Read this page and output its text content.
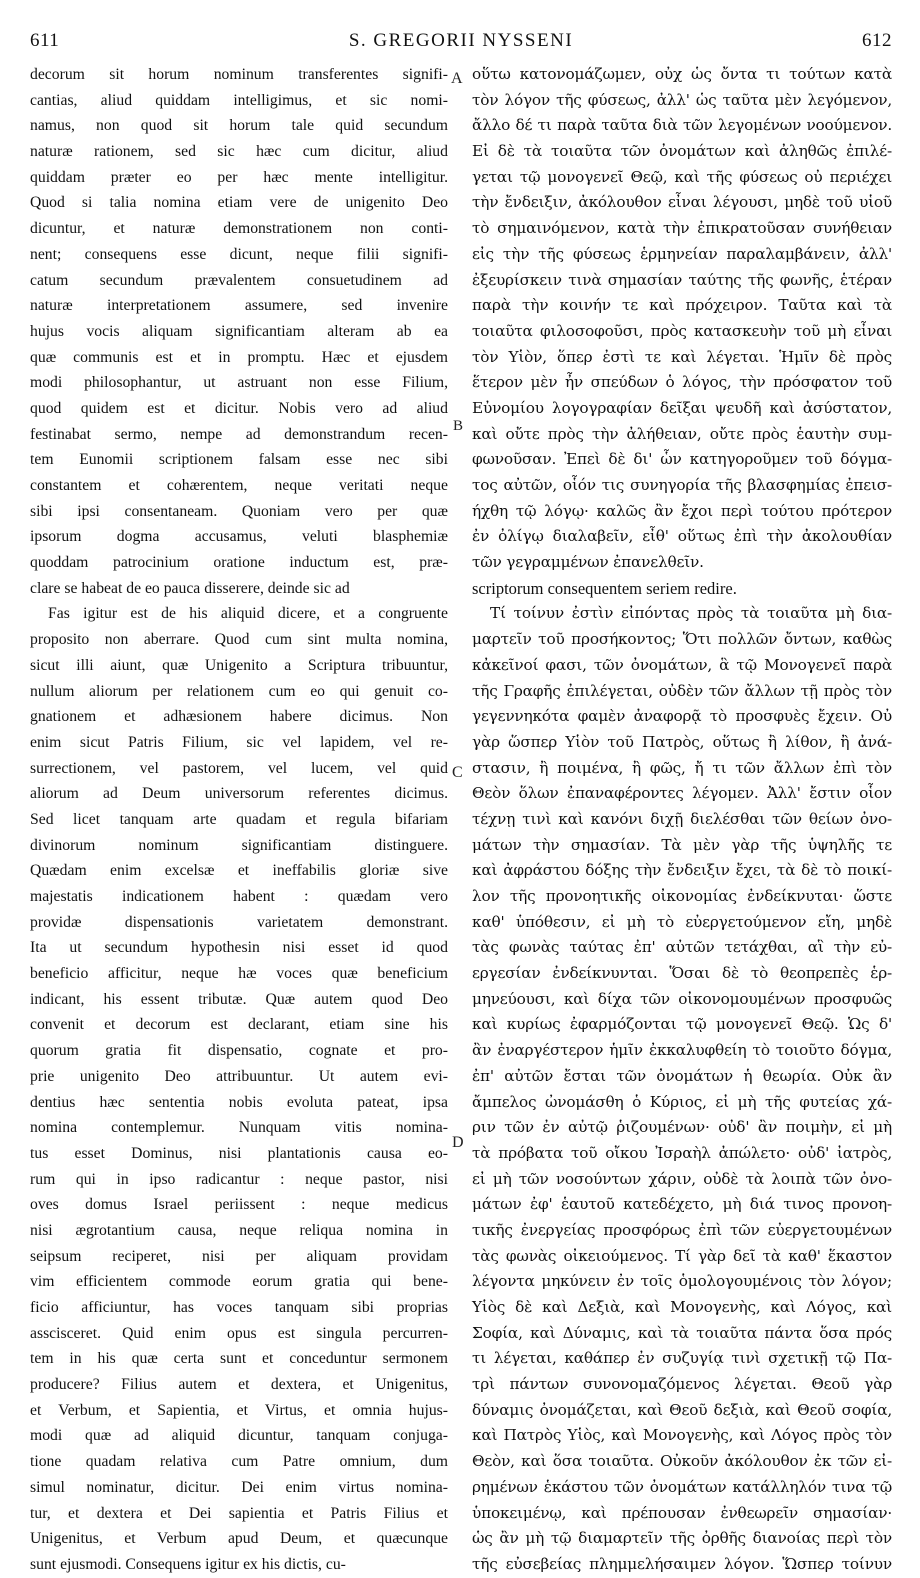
611	S. GREGORII NYSSENI	612
decorum sit horum nominum transferentes signifi-
cantias, aliud quiddam intelligimus, et sic nomi-
namus, non quod sit horum tale quid secundum
naturæ rationem, sed sic hæc cum dicitur, aliud
quiddam præter eo per hæc mente intelligitur.
Quod si talia nomina etiam vere de unigenito Deo
dicuntur, et naturæ demonstrationem non conti-
nent; consequens esse dicunt, neque filii signifi-
catum secundum prævalentem consuetudinem ad
naturæ interpretationem assumere, sed invenire
hujus vocis aliquam significantiam alteram ab ea
quæ communis est et in promptu. Hæc et ejusdem
modi philosophantur, ut astruant non esse Filium,
quod quidem est et dicitur. Nobis vero ad aliud
festinabat sermo, nempe ad demonstrandum recen-
tem Eunomii scriptionem falsam esse nec sibi
constantem et cohærentem, neque veritati neque
sibi ipsi consentaneam. Quoniam vero per quæ
ipsorum dogma accusamus, veluti blasphemiæ
quoddam patrocinium oratione inductum est, præ-
clare se habeat de eo pauca disserere, deinde sic ad
Fas igitur est de his aliquid dicere, et a congruente
proposito non aberrare. Quod cum sint multa nomina,
sicut illi aiunt, quæ Unigenito a Scriptura tribuuntur,
nullum aliorum per relationem cum eo qui genuit co-
gnationem et adhæsionem habere dicimus. Non
enim sicut Patris Filium, sic vel lapidem, vel re-
surrectionem, vel pastorem, vel lucem, vel quid
aliorum ad Deum universorum referentes dicimus.
Sed licet tanquam arte quadam et regula bifariam
divinorum nominum significantiam distinguere.
Quædam enim excelsæ et ineffabilis gloriæ sive
majestatis indicationem habent : quædam vero
providæ dispensationis varietatem demonstrant.
Ita ut secundum hypothesin nisi esset id quod
beneficio afficitur, neque hæ voces quæ beneficium
indicant, his essent tributæ. Quæ autem quod Deo
convenit et decorum est declarant, etiam sine his
quorum gratia fit dispensatio, cognate et pro-
prie unigenito Deo attribuuntur. Ut autem evi-
dentius hæc sententia nobis evoluta pateat, ipsa
nomina contemplemur. Nunquam vitis nomina-
tus esset Dominus, nisi plantationis causa eo-
rum qui in ipso radicantur : neque pastor, nisi
oves domus Israel periissent : neque medicus
nisi ægrotantium causa, neque reliqua nomina in
seipsum reciperet, nisi per aliquam providam
vim efficientem commode eorum gratia qui bene-
ficio afficiuntur, has voces tanquam sibi proprias
asscisceret. Quid enim opus est singula percurren-
tem in his quæ certa sunt et conceduntur sermonem
producere? Filius autem et dextera, et Unigenitus,
et Verbum, et Sapientia, et Virtus, et omnia hujus-
modi quæ ad aliquid dicuntur, tanquam conjuga-
tione quadam relativa cum Patre omnium, dum
simul nominatur, dicitur. Dei enim virtus nomina-
tur, et dextera et Dei sapientia et Patris Filius et
Unigenitus, et Verbum apud Deum, et quæcunque
sunt ejusmodi. Consequens igitur ex his dictis, cu-
οὕτω κατονομάζωμεν, οὐχ ὡς ὄντα τι τούτων κατὰ
τὸν λόγον τῆς φύσεως, ἀλλ' ὡς ταῦτα μὲν λεγόμενον,
ἄλλο δέ τι παρὰ ταῦτα διὰ τῶν λεγομένων νοούμενον.
Εἰ δὲ τὰ τοιαῦτα τῶν ὀνομάτων καὶ ἀληθῶς ἐπιλέ-
γεται τῷ μονογενεῖ Θεῷ, καὶ τῆς φύσεως οὐ περιέχει
τὴν ἔνδειξιν, ἀκόλουθον εἶναι λέγουσι, μηδὲ τοῦ υἱοῦ
τὸ σημαινόμενον, κατὰ τὴν ἐπικρατοῦσαν συνήθειαν
εἰς τὴν τῆς φύσεως ἑρμηνείαν παραλαμβάνειν, ἀλλ'
ἐξευρίσκειν τινὰ σημασίαν ταύτης τῆς φωνῆς, ἑτέραν
παρὰ τὴν κοινήν τε καὶ πρόχειρον. Ταῦτα καὶ τὰ
τοιαῦτα φιλοσοφοῦσι, πρὸς κατασκευὴν τοῦ μὴ εἶναι
τὸν Υἱὸν, ὅπερ ἐστὶ τε καὶ λέγεται. Ἡμῖν δὲ πρὸς
ἕτερον μὲν ἦν σπεύδων ὁ λόγος, τὴν πρόσφατον τοῦ
Εὐνομίου λογογραφίαν δεῖξαι ψευδῆ καὶ ἀσύστατον,
καὶ οὔτε πρὸς τὴν ἀλήθειαν, οὔτε πρὸς ἑαυτὴν συμ-
φωνοῦσαν. Ἐπεὶ δὲ δι' ὧν κατηγοροῦμεν τοῦ δόγμα-
τος αὐτῶν, οἷόν τις συνηγορία τῆς βλασφημίας ἐπεισ-
ήχθη τῷ λόγῳ· καλῶς ἂν ἔχοι περὶ τούτου πρότερον
ἐν ὀλίγῳ διαλαβεῖν, εἶθ' οὕτως ἐπὶ τὴν ἀκολουθίαν
τῶν γεγραμμένων ἐπανελθεῖν.
scriptorum consequentem seriem redire.
Τί τοίνυν ἐστὶν εἰπόντας πρὸς τὰ τοιαῦτα μὴ δια-
μαρτεῖν τοῦ προσήκοντος; Ὅτι πολλῶν ὄντων, καθὼς
κἀκεῖνοί φασι, τῶν ὀνομάτων, ἃ τῷ Μονογενεῖ παρὰ
τῆς Γραφῆς ἐπιλέγεται, οὐδὲν τῶν ἄλλων τῇ πρὸς τὸν
γεγεννηκότα φαμὲν ἀναφορᾷ τὸ προσφυὲς ἔχειν. Οὐ
γὰρ ὥσπερ Υἱὸν τοῦ Πατρὸς, οὕτως ἢ λίθον, ἢ ἀνά-
στασιν, ἢ ποιμένα, ἢ φῶς, ἤ τι τῶν ἄλλων ἐπὶ τὸν
Θεὸν ὅλων ἐπαναφέροντες λέγομεν. Ἀλλ' ἔστιν οἷον
τέχνῃ τινὶ καὶ κανόνι διχῇ διελέσθαι τῶν θείων ὀνο-
μάτων τὴν σημασίαν. Τὰ μὲν γὰρ τῆς ὑψηλῆς τε
καὶ ἀφράστου δόξης τὴν ἔνδειξιν ἔχει, τὰ δὲ τὸ ποικί-
λον τῆς προνοητικῆς οἰκονομίας ἐνδείκνυται· ὥστε
καθ' ὑπόθεσιν, εἰ μὴ τὸ εὐεργετούμενον εἴη, μηδὲ
τὰς φωνὰς ταύτας ἐπ' αὐτῶν τετάχθαι, αἳ τὴν εὐ-
εργεσίαν ἐνδείκνυνται. Ὅσαι δὲ τὸ θεοπρεπὲς ἑρ-
μηνεύουσι, καὶ δίχα τῶν οἰκονομουμένων προσφυῶς
καὶ κυρίως ἐφαρμόζονται τῷ μονογενεῖ Θεῷ. Ὡς δ'
ἂν ἐναργέστερον ἡμῖν ἐκκαλυφθείη τὸ τοιοῦτο δόγμα,
ἐπ' αὐτῶν ἔσται τῶν ὀνομάτων ἡ θεωρία. Οὐκ ἂν
ἄμπελος ὠνομάσθη ὁ Κύριος, εἰ μὴ τῆς φυτείας χά-
ριν τῶν ἐν αὐτῷ ῥιζουμένων· οὐδ' ἂν ποιμὴν, εἰ μὴ
τὰ πρόβατα τοῦ οἴκου Ἰσραὴλ ἀπώλετο· οὐδ' ἰατρὸς,
εἰ μὴ τῶν νοσούντων χάριν, οὐδὲ τὰ λοιπὰ τῶν ὀνο-
μάτων ἐφ' ἑαυτοῦ κατεδέχετο, μὴ διά τινος προνοη-
τικῆς ἐνεργείας προσφόρως ἐπὶ τῶν εὐεργετουμένων
τὰς φωνὰς οἰκειούμενος. Τί γὰρ δεῖ τὰ καθ' ἕκαστον
λέγοντα μηκύνειν ἐν τοῖς ὁμολογουμένοις τὸν λόγον;
Υἱὸς δὲ καὶ Δεξιὰ, καὶ Μονογενὴς, καὶ Λόγος, καὶ
Σοφία, καὶ Δύναμις, καὶ τὰ τοιαῦτα πάντα ὅσα πρός
τι λέγεται, καθάπερ ἐν συζυγίᾳ τινὶ σχετικῇ τῷ Πα-
τρὶ πάντων συνονομαζόμενος λέγεται. Θεοῦ γὰρ
δύναμις ὀνομάζεται, καὶ Θεοῦ δεξιὰ, καὶ Θεοῦ σοφία,
καὶ Πατρὸς Υἱὸς, καὶ Μονογενὴς, καὶ Λόγος πρὸς τὸν
Θεὸν, καὶ ὅσα τοιαῦτα. Οὐκοῦν ἀκόλουθον ἐκ τῶν εἰ-
ρημένων ἑκάστου τῶν ὀνομάτων κατάλληλόν τινα τῷ
ὑποκειμένῳ, καὶ πρέπουσαν ἐνθεωρεῖν σημασίαν·
ὡς ἂν μὴ τῷ διαμαρτεῖν τῆς ὀρθῆς διανοίας περὶ τὸν
τῆς εὐσεβείας πλημμελήσαιμεν λόγον. Ὥσπερ τοίνυν
A
B
C
D
